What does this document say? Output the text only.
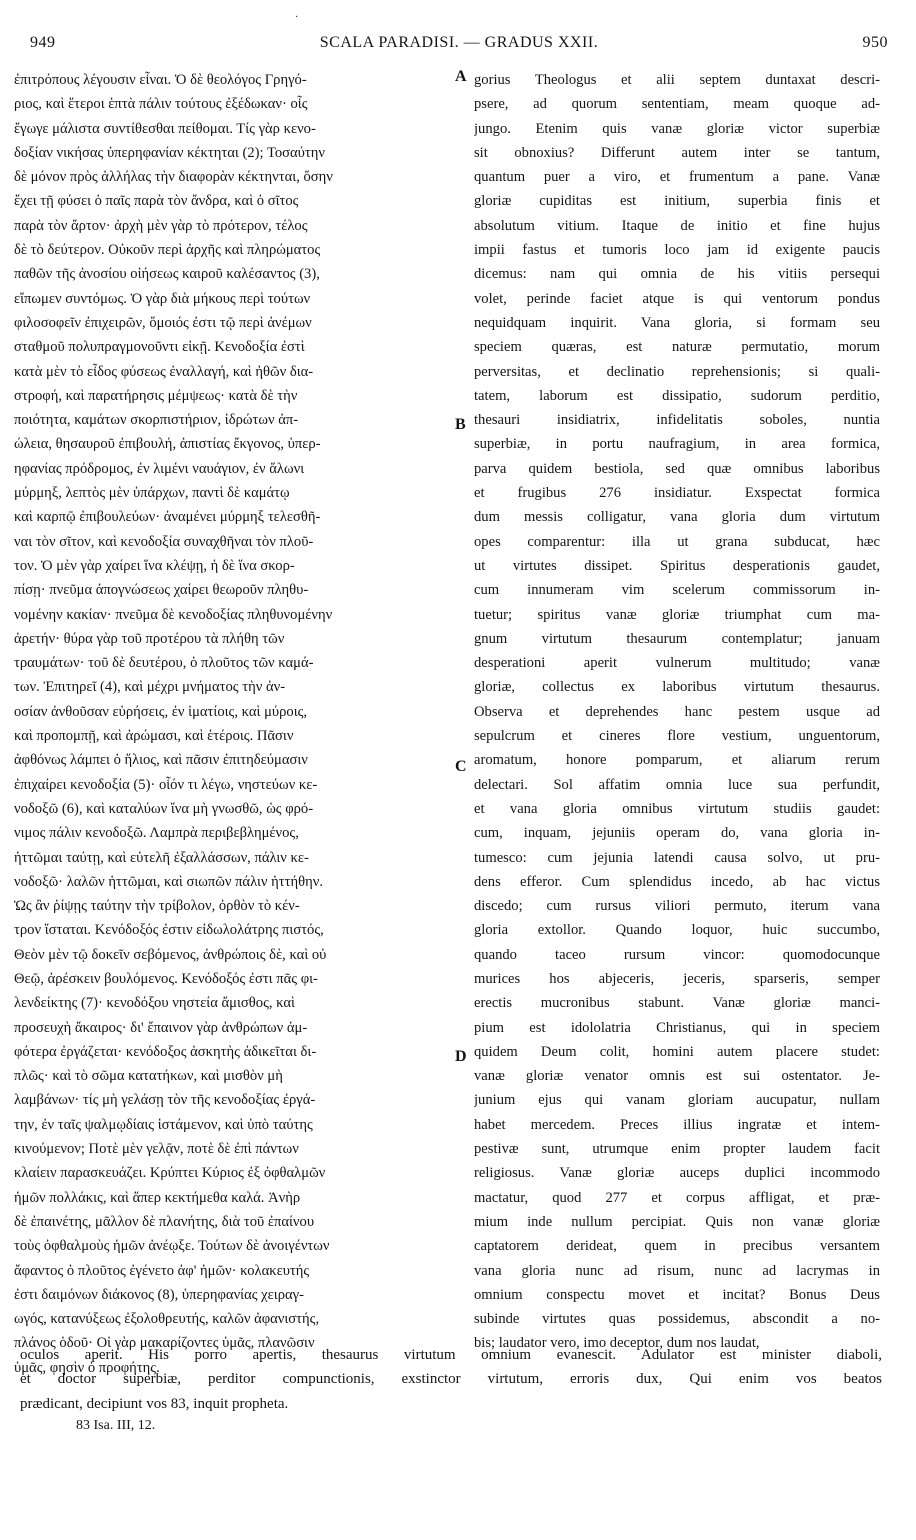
·
949	SCALA PARADISI. — GRADUS XXII.	950
ἐπιτρόπους λέγουσιν εἶναι. Ὁ δὲ θεολόγος Γρηγό-
ριος, καὶ ἕτεροι ἑπτὰ πάλιν τούτους ἐξέδωκαν· οἷς
ἔγωγε μάλιστα συντίθεσθαι πείθομαι. Τίς γὰρ κενο-
δοξίαν νικήσας ὑπερηφανίαν κέκτηται (2); Τοσαύτην
δὲ μόνον πρὸς ἀλλήλας τὴν διαφορὰν κέκτηνται, ὅσην
ἔχει τῇ φύσει ὁ παῖς παρὰ τὸν ἄνδρα, καὶ ὁ σῖτος
παρὰ τὸν ἄρτον· ἀρχὴ μὲν γὰρ τὸ πρότερον, τέλος
δὲ τὸ δεύτερον. Οὐκοῦν περὶ ἀρχῆς καὶ πληρώματος
παθῶν τῆς ἀνοσίου οἰήσεως καιροῦ καλέσαντος (3),
εἴπωμεν συντόμως. Ὁ γὰρ διὰ μήκους περὶ τούτων
φιλοσοφεῖν ἐπιχειρῶν, ὅμοιός ἐστι τῷ περὶ ἀνέμων
σταθμοῦ πολυπραγμονοῦντι εἰκῇ. Κενοδοξία ἐστὶ
κατὰ μὲν τὸ εἶδος φύσεως ἐναλλαγή, καὶ ἠθῶν δια-
στροφή, καὶ παρατήρησις μέμψεως· κατὰ δὲ τὴν
ποιότητα, καμάτων σκορπιστήριον, ἱδρώτων ἀπ-
ώλεια, θησαυροῦ ἐπιβουλή, ἀπιστίας ἔκγονος, ὑπερ-
ηφανίας πρόδρομος, ἐν λιμένι ναυάγιον, ἐν ἅλωνι
μύρμηξ, λεπτὸς μὲν ὑπάρχων, παντὶ δὲ καμάτῳ
καὶ καρπῷ ἐπιβουλεύων· ἀναμένει μύρμηξ τελεσθῆ-
ναι τὸν σῖτον, καὶ κενοδοξία συναχθῆναι τὸν πλοῦ-
τον. Ὁ μὲν γὰρ χαίρει ἵνα κλέψῃ, ἡ δὲ ἵνα σκορ-
πίσῃ· πνεῦμα ἀπογνώσεως χαίρει θεωροῦν πληθυ-
νομένην κακίαν· πνεῦμα δὲ κενοδοξίας πληθυνομένην
ἀρετήν· θύρα γὰρ τοῦ προτέρου τὰ πλήθη τῶν
τραυμάτων· τοῦ δὲ δευτέρου, ὁ πλοῦτος τῶν καμά-
των. Ἐπιτηρεῖ (4), καὶ μέχρι μνήματος τὴν ἀν-
οσίαν ἀνθοῦσαν εὑρήσεις, ἐν ἱματίοις, καὶ μύροις,
καὶ προπομπῇ, καὶ ἀρώμασι, καὶ ἑτέροις. Πᾶσιν
ἀφθόνως λάμπει ὁ ἥλιος, καὶ πᾶσιν ἐπιτηδεύμασιν
ἐπιχαίρει κενοδοξία (5)· οἷόν τι λέγω, νηστεύων κε-
νοδοξῶ (6), καὶ καταλύων ἵνα μὴ γνωσθῶ, ὡς φρό-
νιμος πάλιν κενοδοξῶ. Λαμπρὰ περιβεβλημένος,
ἡττῶμαι ταύτῃ, καὶ εὐτελῆ ἐξαλλάσσων, πάλιν κε-
νοδοξῶ· λαλῶν ἡττῶμαι, καὶ σιωπῶν πάλιν ἡττήθην.
Ὡς ἂν ῥίψῃς ταύτην τὴν τρίβολον, ὀρθὸν τὸ κέν-
τρον ἵσταται. Κενόδοξός ἐστιν εἰδωλολάτρης πιστός,
Θεὸν μὲν τῷ δοκεῖν σεβόμενος, ἀνθρώποις δὲ, καὶ οὐ
Θεῷ, ἀρέσκειν βουλόμενος. Κενόδοξός ἐστι πᾶς φι-
λενδείκτης (7)· κενοδόξου νηστεία ἄμισθος, καὶ
προσευχὴ ἄκαιρος· δι' ἔπαινον γὰρ ἀνθρώπων ἀμ-
φότερα ἐργάζεται· κενόδοξος ἀσκητὴς ἀδικεῖται δι-
πλῶς· καὶ τὸ σῶμα κατατήκων, καὶ μισθὸν μὴ
λαμβάνων· τίς μὴ γελάσῃ τὸν τῆς κενοδοξίας ἐργά-
την, ἐν ταῖς ψαλμῳδίαις ἱστάμενον, καὶ ὑπὸ ταύτης
κινούμενον; Ποτὲ μὲν γελᾷν, ποτὲ δὲ ἐπὶ πάντων
κλαίειν παρασκευάζει. Κρύπτει Κύριος ἐξ ὀφθαλμῶν
ἡμῶν πολλάκις, καὶ ἅπερ κεκτήμεθα καλά. Ἀνὴρ
δὲ ἐπαινέτης, μᾶλλον δὲ πλανήτης, διὰ τοῦ ἐπαίνου
τοὺς ὀφθαλμοὺς ἡμῶν ἀνέῳξε. Τούτων δὲ ἀνοιγέντων
ἄφαντος ὁ πλοῦτος ἐγένετο ἀφ' ἡμῶν· κολακευτής
ἐστι δαιμόνων διάκονος (8), ὑπερηφανίας χειραγ-
ωγός, κατανύξεως ἐξολοθρευτής, καλῶν ἀφανιστής,
πλάνος ὁδοῦ· Οἱ γὰρ μακαρίζοντες ὑμᾶς, πλανῶσιν
ὑμᾶς, φησὶν ὁ προφήτης.
gorius Theologus et alii septem duntaxat descri-
psere, ad quorum sententiam, meam quoque ad-
jungo. Etenim quis vanæ gloriæ victor superbiæ
sit obnoxius? Differunt autem inter se tantum,
quantum puer a viro, et frumentum a pane. Vanæ
gloriæ cupiditas est initium, superbia finis et
absolutum vitium. Itaque de initio et fine hujus
impii fastus et tumoris loco jam id exigente paucis
dicemus: nam qui omnia de his vitiis persequi
volet, perinde faciet atque is qui ventorum pondus
nequidquam inquirit. Vana gloria, si formam seu
speciem quæras, est naturæ permutatio, morum
perversitas, et declinatio reprehensionis; si quali-
tatem, laborum est dissipatio, sudorum perditio,
thesauri insidiatrix, infidelitatis soboles, nuntia
superbiæ, in portu naufragium, in area formica,
parva quidem bestiola, sed quæ omnibus laboribus
et frugibus 276 insidiatur. Exspectat formica
dum messis colligatur, vana gloria dum virtutum
opes comparentur: illa ut grana subducat, hæc
ut virtutes dissipet. Spiritus desperationis gaudet,
cum innumeram vim scelerum commissorum in-
tuetur; spiritus vanæ gloriæ triumphat cum ma-
gnum virtutum thesaurum contemplatur; januam
desperationi aperit vulnerum multitudo; vanæ
gloriæ, collectus ex laboribus virtutum thesaurus.
Observa et deprehendes hanc pestem usque ad
sepulcrum et cineres flore vestium, unguentorum,
aromatum, honore pomparum, et aliarum rerum
delectari. Sol affatim omnia luce sua perfundit,
et vana gloria omnibus virtutum studiis gaudet:
cum, inquam, jejuniis operam do, vana gloria in-
tumesco: cum jejunia latendi causa solvo, ut pru-
dens efferor. Cum splendidus incedo, ab hac victus
discedo; cum rursus viliori permuto, iterum vana
gloria extollor. Quando loquor, huic succumbo,
quando taceo rursum vincor: quomodocunque
murices hos abjeceris, jeceris, sparseris, semper
erectis mucronibus stabunt. Vanæ gloriæ manci-
pium est idololatria Christianus, qui in speciem
quidem Deum colit, homini autem placere studet:
vanæ gloriæ venator omnis est sui ostentator. Je-
junium ejus qui vanam gloriam aucupatur, nullam
habet mercedem. Preces illius ingratæ et intem-
pestivæ sunt, utrumque enim propter laudem facit
religiosus. Vanæ gloriæ auceps duplici incommodo
mactatur, quod 277 et corpus affligat, et præ-
mium inde nullum percipiat. Quis non vanæ gloriæ
captatorem derideat, quem in precibus versantem
vana gloria nunc ad risum, nunc ad lacrymas in
omnium conspectu movet et incitat? Bonus Deus
subinde virtutes quas possidemus, abscondit a no-
bis; laudator vero, imo deceptor, dum nos laudat,
A
B
C
D
oculos aperit. His porro apertis, thesaurus virtutum omnium evanescit. Adulator est minister diaboli,
et doctor superbiæ, perditor compunctionis, exstinctor virtutum, erroris dux, Qui enim vos beatos
prædicant, decipiunt vos 83, inquit propheta.
83 Isa. III, 12.
